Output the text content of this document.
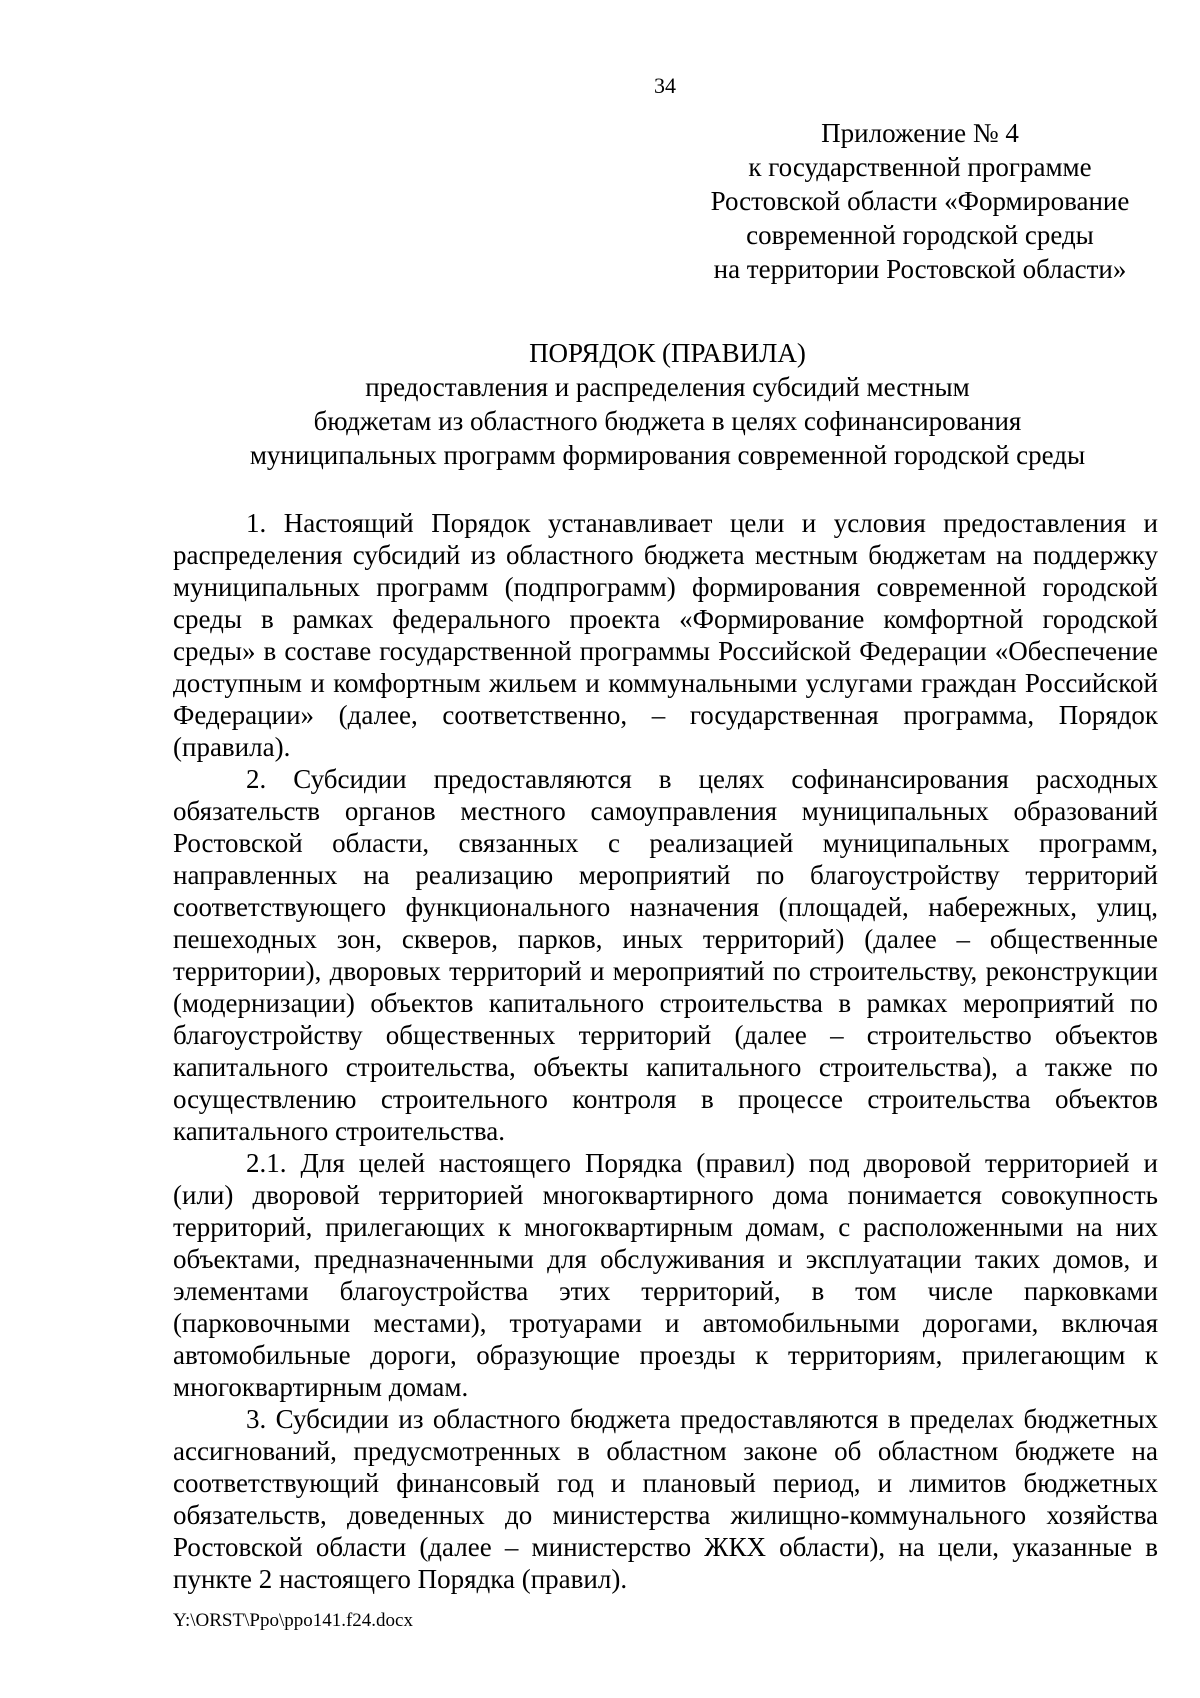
34
Приложение № 4
к государственной программе
Ростовской области «Формирование
современной городской среды
на территории Ростовской области»
ПОРЯДОК (ПРАВИЛА)
предоставления и распределения субсидий местным
бюджетам из областного бюджета в целях софинансирования
муниципальных программ формирования современной городской среды

1. Настоящий Порядок устанавливает цели и условия предоставления и распределения субсидий из областного бюджета местным бюджетам на поддержку муниципальных программ (подпрограмм) формирования современной городской среды в рамках федерального проекта «Формирование комфортной городской среды» в составе государственной программы Российской Федерации «Обеспечение доступным и комфортным жильем и коммунальными услугами граждан Российской Федерации» (далее, соответственно, – государственная программа, Порядок (правила).

2. Субсидии предоставляются в целях софинансирования расходных обязательств органов местного самоуправления муниципальных образований Ростовской области, связанных с реализацией муниципальных программ, направленных на реализацию мероприятий по благоустройству территорий соответствующего функционального назначения (площадей, набережных, улиц, пешеходных зон, скверов, парков, иных территорий) (далее – общественные территории), дворовых территорий и мероприятий по строительству, реконструкции (модернизации) объектов капитального строительства в рамках мероприятий по благоустройству общественных территорий (далее – строительство объектов капитального строительства, объекты капитального строительства), а также по осуществлению строительного контроля в процессе строительства объектов капитального строительства.

2.1. Для целей настоящего Порядка (правил) под дворовой территорией и (или) дворовой территорией многоквартирного дома понимается совокупность территорий, прилегающих к многоквартирным домам, с расположенными на них объектами, предназначенными для обслуживания и эксплуатации таких домов, и элементами благоустройства этих территорий, в том числе парковками (парковочными местами), тротуарами и автомобильными дорогами, включая автомобильные дороги, образующие проезды к территориям, прилегающим к многоквартирным домам.

3. Субсидии из областного бюджета предоставляются в пределах бюджетных ассигнований, предусмотренных в областном законе об областном бюджете на соответствующий финансовый год и плановый период, и лимитов бюджетных обязательств, доведенных до министерства жилищно-коммунального хозяйства Ростовской области (далее – министерство ЖКХ области), на цели, указанные в пункте 2 настоящего Порядка (правил).

Y:\ORST\Ppo\ppo141.f24.docx
